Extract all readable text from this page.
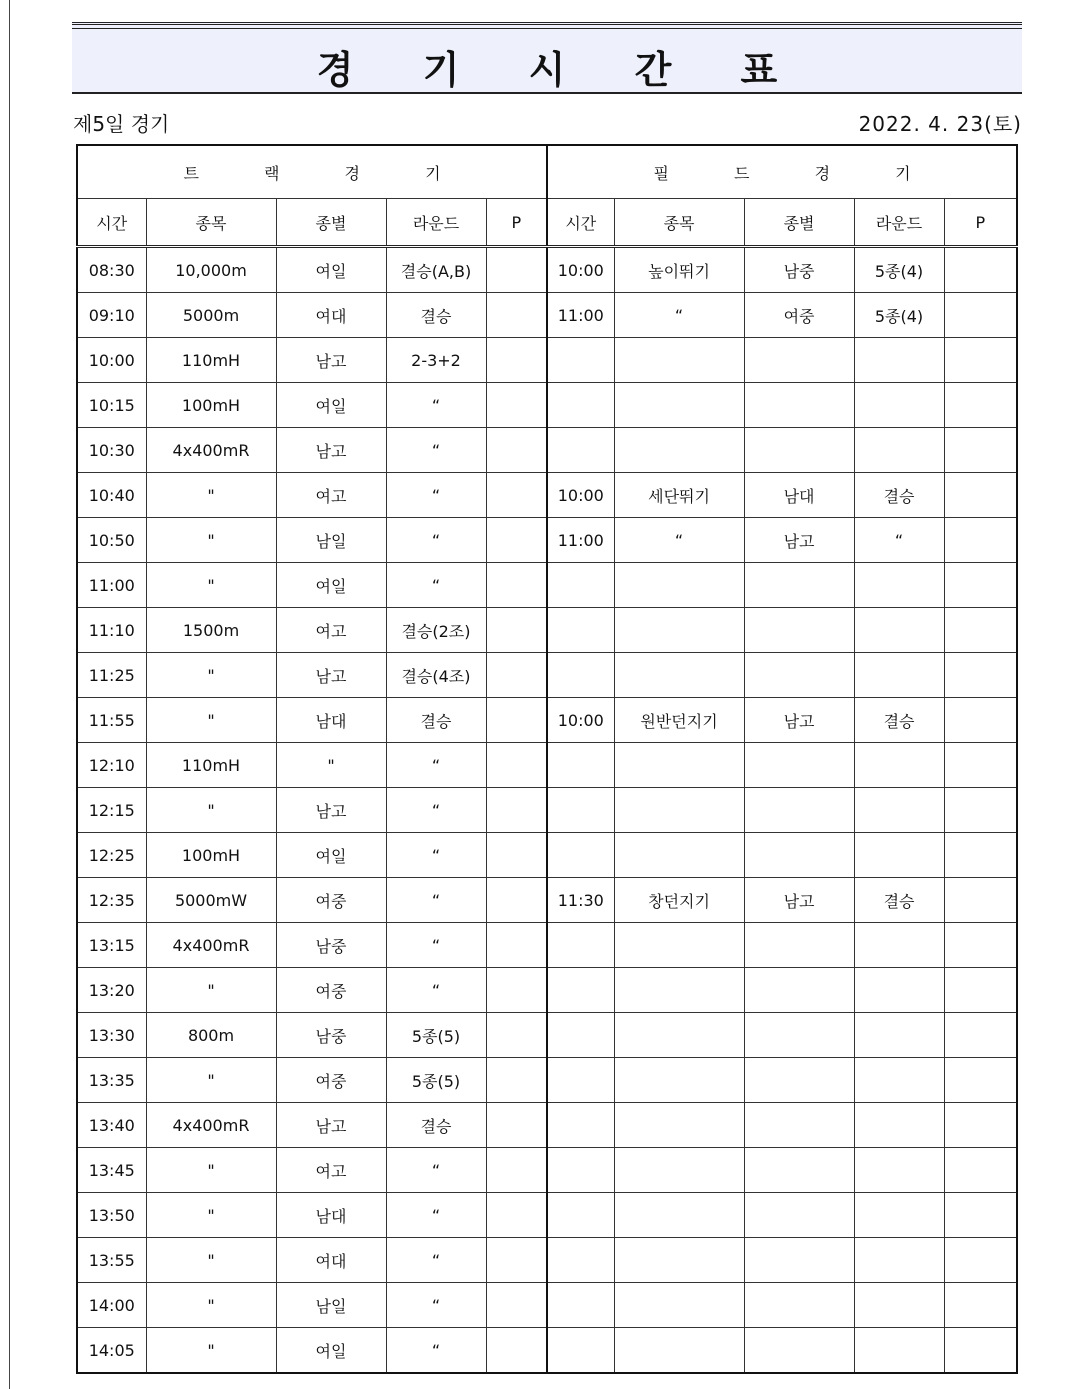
경 기 시 간 표
제5일 경기	2022. 4. 23(토)
트 랙 경 기					필 드 경 기				
시간	종목	종별	라운드	P	시간	종목	종별	라운드	P
08:30	10,000m	여일	결승(A,B)		10:00	높이뛰기	남중	5종(4)	
09:10	5000m	여대	결승		11:00	“	여중	5종(4)	
10:00	110mH	남고	2-3+2						
10:15	100mH	여일	“						
10:30	4x400mR	남고	“						
10:40	"	여고	“		10:00	세단뛰기	남대	결승	
10:50	"	남일	“		11:00	“	남고	“	
11:00	"	여일	“						
11:10	1500m	여고	결승(2조)						
11:25	"	남고	결승(4조)						
11:55	"	남대	결승		10:00	원반던지기	남고	결승	
12:10	110mH	"	“						
12:15	"	남고	“						
12:25	100mH	여일	“						
12:35	5000mW	여중	“		11:30	창던지기	남고	결승	
13:15	4x400mR	남중	“						
13:20	"	여중	“						
13:30	800m	남중	5종(5)						
13:35	"	여중	5종(5)						
13:40	4x400mR	남고	결승						
13:45	"	여고	“						
13:50	"	남대	“						
13:55	"	여대	“						
14:00	"	남일	“						
14:05	"	여일	“						
